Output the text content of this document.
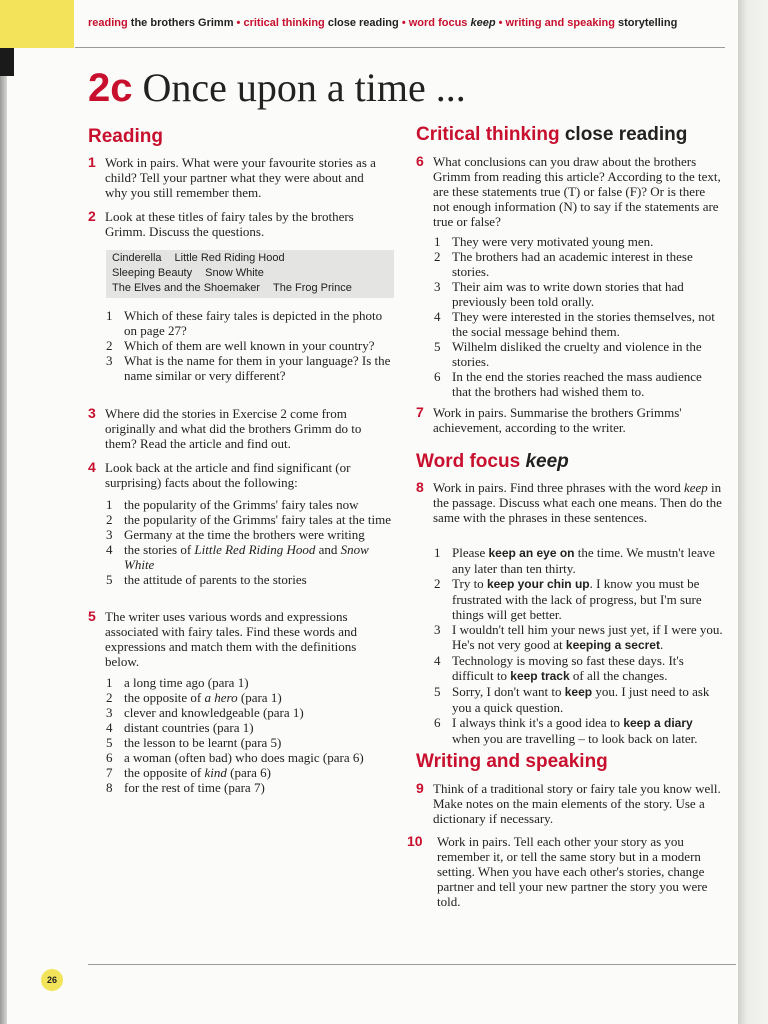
reading the brothers Grimm • critical thinking close reading • word focus keep • writing and speaking storytelling
2c Once upon a time ...
Reading
1 Work in pairs. What were your favourite stories as a child? Tell your partner what they were about and why you still remember them.
2 Look at these titles of fairy tales by the brothers Grimm. Discuss the questions.
Cinderella Little Red Riding Hood
Sleeping Beauty Snow White
The Elves and the Shoemaker The Frog Prince
1 Which of these fairy tales is depicted in the photo on page 27?
2 Which of them are well known in your country?
3 What is the name for them in your language? Is the name similar or very different?
3 Where did the stories in Exercise 2 come from originally and what did the brothers Grimm do to them? Read the article and find out.
4 Look back at the article and find significant (or surprising) facts about the following:
1 the popularity of the Grimms' fairy tales now
2 the popularity of the Grimms' fairy tales at the time
3 Germany at the time the brothers were writing
4 the stories of Little Red Riding Hood and Snow White
5 the attitude of parents to the stories
5 The writer uses various words and expressions associated with fairy tales. Find these words and expressions and match them with the definitions below.
1 a long time ago (para 1)
2 the opposite of a hero (para 1)
3 clever and knowledgeable (para 1)
4 distant countries (para 1)
5 the lesson to be learnt (para 5)
6 a woman (often bad) who does magic (para 6)
7 the opposite of kind (para 6)
8 for the rest of time (para 7)
Critical thinking close reading
6 What conclusions can you draw about the brothers Grimm from reading this article? According to the text, are these statements true (T) or false (F)? Or is there not enough information (N) to say if the statements are true or false?
1 They were very motivated young men.
2 The brothers had an academic interest in these stories.
3 Their aim was to write down stories that had previously been told orally.
4 They were interested in the stories themselves, not the social message behind them.
5 Wilhelm disliked the cruelty and violence in the stories.
6 In the end the stories reached the mass audience that the brothers had wished them to.
7 Work in pairs. Summarise the brothers Grimms' achievement, according to the writer.
Word focus keep
8 Work in pairs. Find three phrases with the word keep in the passage. Discuss what each one means. Then do the same with the phrases in these sentences.
1 Please keep an eye on the time. We mustn't leave any later than ten thirty.
2 Try to keep your chin up. I know you must be frustrated with the lack of progress, but I'm sure things will get better.
3 I wouldn't tell him your news just yet, if I were you. He's not very good at keeping a secret.
4 Technology is moving so fast these days. It's difficult to keep track of all the changes.
5 Sorry, I don't want to keep you. I just need to ask you a quick question.
6 I always think it's a good idea to keep a diary when you are travelling – to look back on later.
Writing and speaking
9 Think of a traditional story or fairy tale you know well. Make notes on the main elements of the story. Use a dictionary if necessary.
10 Work in pairs. Tell each other your story as you remember it, or tell the same story but in a modern setting. When you have each other's stories, change partner and tell your new partner the story you were told.
26
